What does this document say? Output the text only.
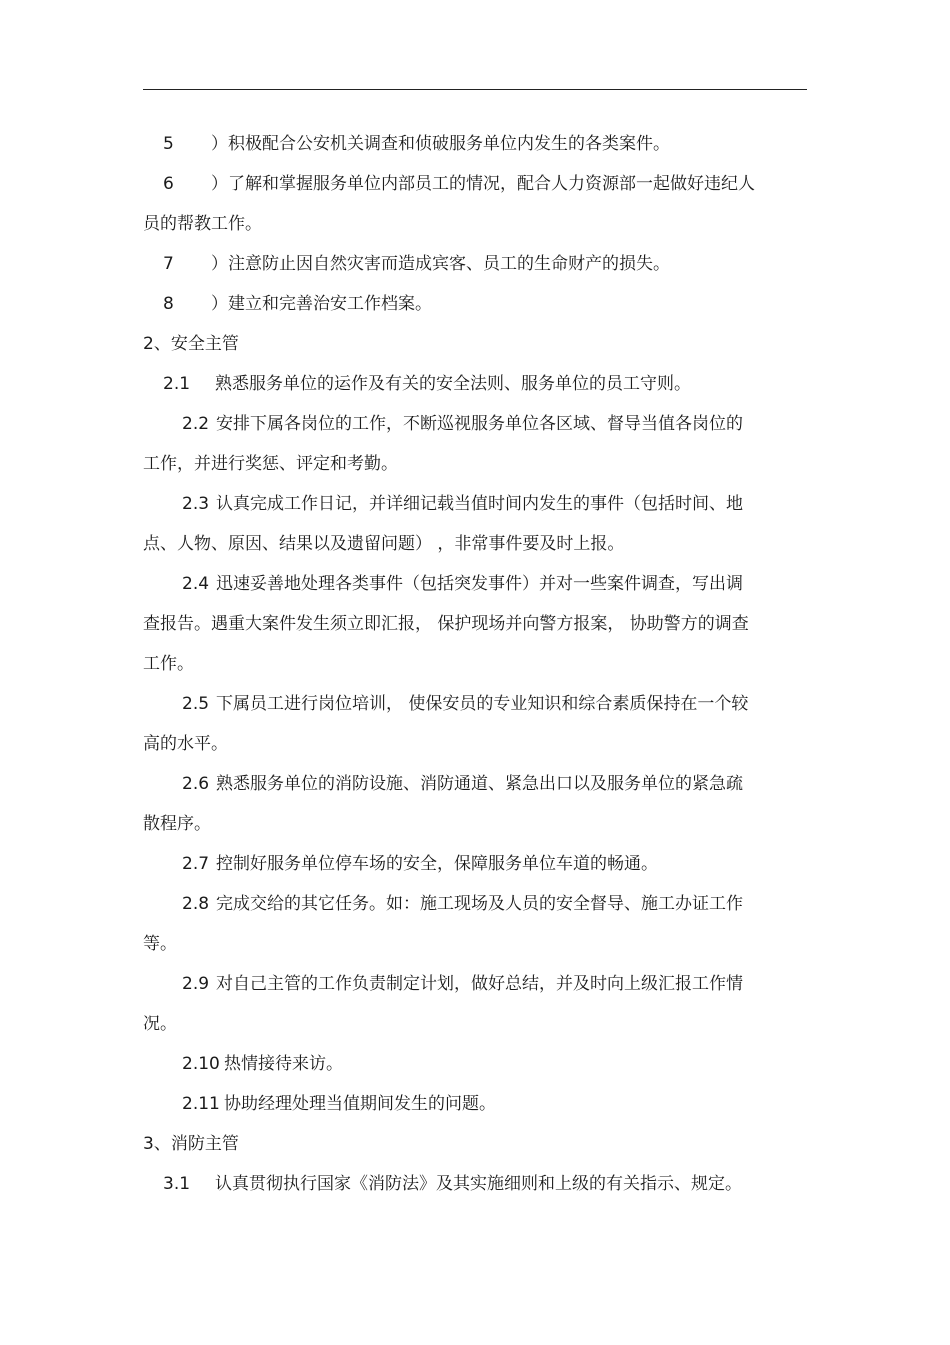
5 ）积极配合公安机关调查和侦破服务单位内发生的各类案件。

6 ）了解和掌握服务单位内部员工的情况，配合人力资源部一起做好违纪人

员的帮教工作。

7 ）注意防止因自然灾害而造成宾客、员工的生命财产的损失。

8 ）建立和完善治安工作档案。

2、安全主管

2.1 熟悉服务单位的运作及有关的安全法则、服务单位的员工守则。

2.2 安排下属各岗位的工作，不断巡视服务单位各区域、督导当值各岗位的

工作，并进行奖惩、评定和考勤。

2.3 认真完成工作日记，并详细记载当值时间内发生的事件（包括时间、地

点、人物、原因、结果以及遗留问题） ，非常事件要及时上报。

2.4 迅速妥善地处理各类事件（包括突发事件）并对一些案件调查，写出调

查报告。遇重大案件发生须立即汇报， 保护现场并向警方报案， 协助警方的调查

工作。

2.5 下属员工进行岗位培训， 使保安员的专业知识和综合素质保持在一个较

高的水平。

2.6 熟悉服务单位的消防设施、消防通道、紧急出口以及服务单位的紧急疏

散程序。

2.7 控制好服务单位停车场的安全，保障服务单位车道的畅通。

2.8 完成交给的其它任务。如：施工现场及人员的安全督导、施工办证工作

等。

2.9 对自己主管的工作负责制定计划，做好总结，并及时向上级汇报工作情

况。

2.10 热情接待来访。

2.11 协助经理处理当值期间发生的问题。

3、消防主管

3.1 认真贯彻执行国家《消防法》及其实施细则和上级的有关指示、规定。
